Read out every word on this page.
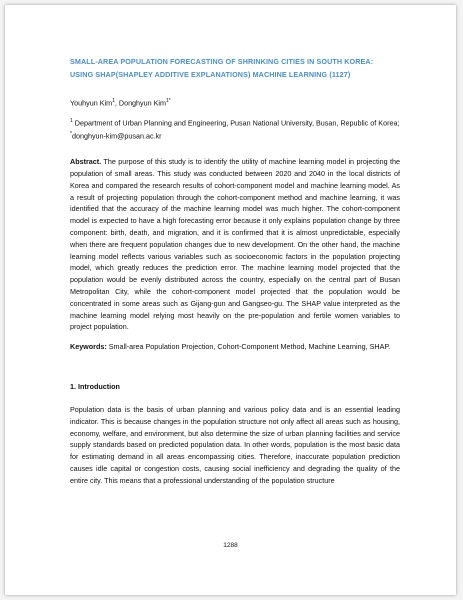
SMALL-AREA POPULATION FORECASTING OF SHRINKING CITIES IN SOUTH KOREA:
USING SHAP(SHAPLEY ADDITIVE EXPLANATIONS) MACHINE LEARNING (1127)
Youhyun Kim$^1$, Donghyun Kim$^{1*}$
$^1$ Department of Urban Planning and Engineering, Pusan National University, Busan, Republic of Korea; *donghyun-kim@pusan.ac.kr
Abstract. The purpose of this study is to identify the utility of machine learning model in projecting the population of small areas. This study was conducted between 2020 and 2040 in the local districts of Korea and compared the research results of cohort-component model and machine learning model. As a result of projecting population through the cohort-component method and machine learning, it was identified that the accuracy of the machine learning model was much higher. The cohort-component model is expected to have a high forecasting error because it only explains population change by three component: birth, death, and migration, and it is confirmed that it is almost unpredictable, especially when there are frequent population changes due to new development. On the other hand, the machine learning model reflects various variables such as socioeconomic factors in the population projecting model, which greatly reduces the prediction error. The machine learning model projected that the population would be evenly distributed across the country, especially on the central part of Busan Metropolitan City, while the cohort-component model projected that the population would be concentrated in some areas such as Gijang-gun and Gangseo-gu. The SHAP value interpreted as the machine learning model relying most heavily on the pre-population and fertile women variables to project population.
Keywords: Small-area Population Projection, Cohort-Component Method, Machine Learning, SHAP.
1. Introduction
Population data is the basis of urban planning and various policy data and is an essential leading indicator. This is because changes in the population structure not only affect all areas such as housing, economy, welfare, and environment, but also determine the size of urban planning facilities and service supply standards based on predicted population data. In other words, population is the most basic data for estimating demand in all areas encompassing cities. Therefore, inaccurate population prediction causes idle capital or congestion costs, causing social inefficiency and degrading the quality of the entire city. This means that a professional understanding of the population structure
1288
